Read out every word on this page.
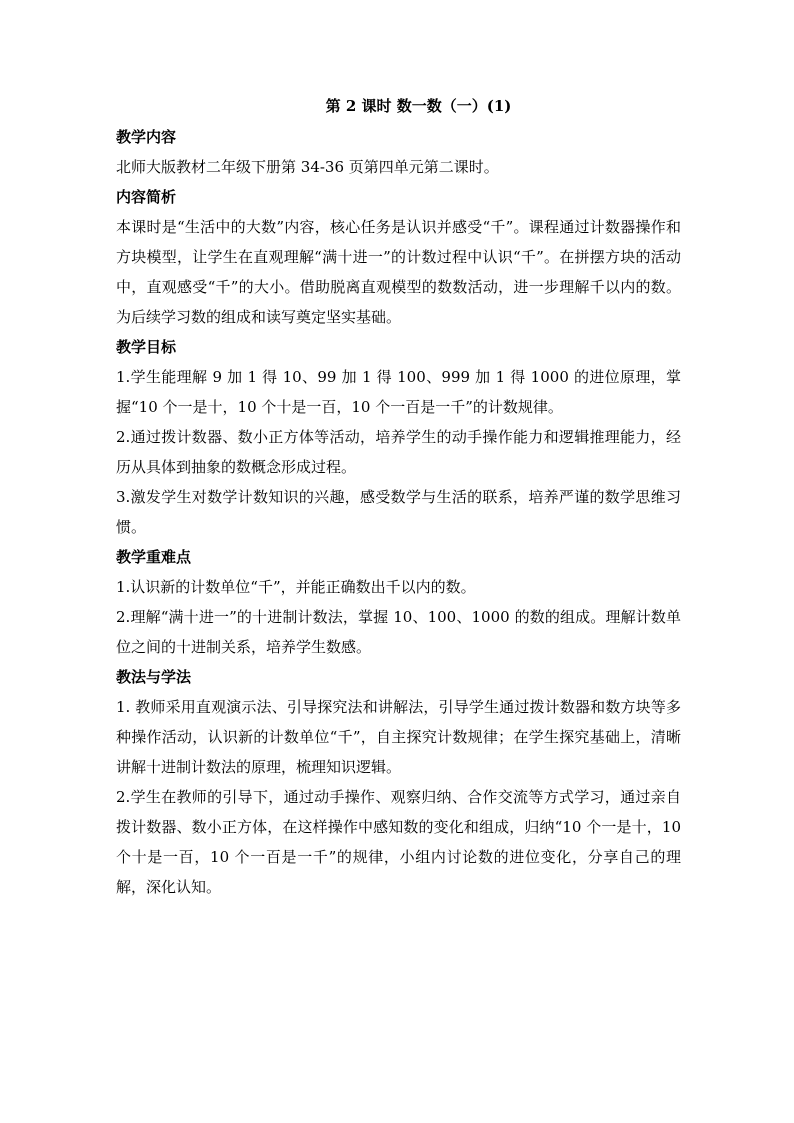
第 2 课时 数一数（一）(1)
教学内容

北师大版教材二年级下册第 34-36 页第四单元第二课时。

内容简析

本课时是“生活中的大数”内容，核心任务是认识并感受“千”。课程通过计数器操作和方块模型，让学生在直观理解“满十进一”的计数过程中认识“千”。在拼摆方块的活动中，直观感受“千”的大小。借助脱离直观模型的数数活动，进一步理解千以内的数。为后续学习数的组成和读写奠定坚实基础。

教学目标

1.学生能理解 9 加 1 得 10、99 加 1 得 100、999 加 1 得 1000 的进位原理，掌握“10 个一是十，10 个十是一百，10 个一百是一千”的计数规律。

2.通过拨计数器、数小正方体等活动，培养学生的动手操作能力和逻辑推理能力，经历从具体到抽象的数概念形成过程。

3.激发学生对数学计数知识的兴趣，感受数学与生活的联系，培养严谨的数学思维习惯。

教学重难点

1.认识新的计数单位“千”，并能正确数出千以内的数。

2.理解“满十进一”的十进制计数法，掌握 10、100、1000 的数的组成。理解计数单位之间的十进制关系，培养学生数感。

教法与学法

1. 教师采用直观演示法、引导探究法和讲解法，引导学生通过拨计数器和数方块等多种操作活动，认识新的计数单位“千”，自主探究计数规律；在学生探究基础上，清晰讲解十进制计数法的原理，梳理知识逻辑。

2.学生在教师的引导下，通过动手操作、观察归纳、合作交流等方式学习，通过亲自拨计数器、数小正方体，在这样操作中感知数的变化和组成，归纳“10 个一是十，10 个十是一百，10 个一百是一千”的规律，小组内讨论数的进位变化，分享自己的理解，深化认知。
